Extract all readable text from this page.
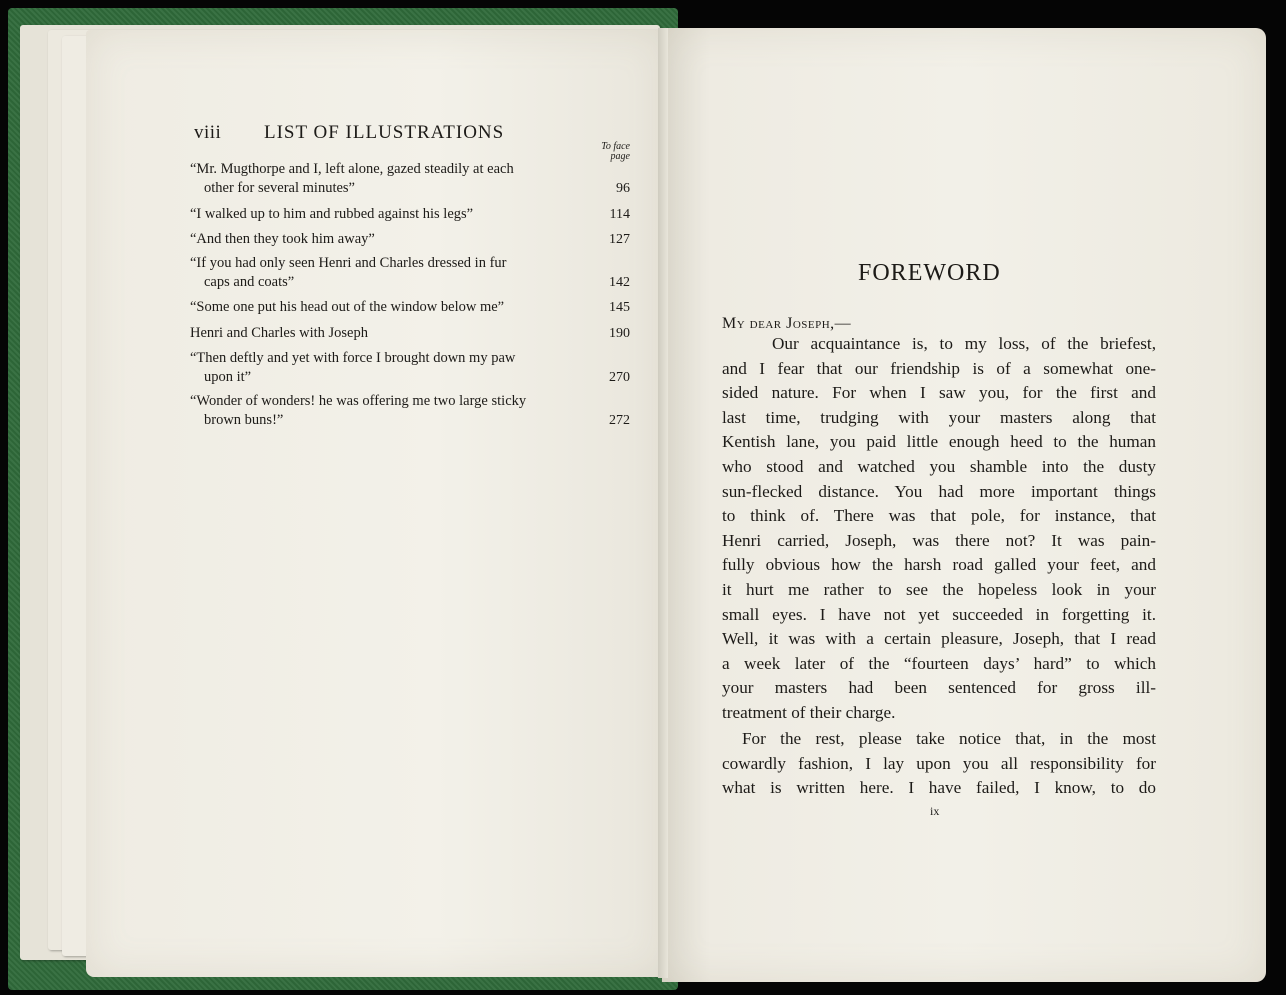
viii	LIST OF ILLUSTRATIONS
To face page
“Mr. Mugthorpe and I, left alone, gazed steadily at each
other for several minutes”	96
“I walked up to him and rubbed against his legs”	114
“And then they took him away”	127
“If you had only seen Henri and Charles dressed in fur
caps and coats”	142
“Some one put his head out of the window below me”	145
Henri and Charles with Joseph	190
“Then deftly and yet with force I brought down my paw
upon it”	270
“Wonder of wonders! he was offering me two large sticky
brown buns!”	272
FOREWORD
My dear Joseph,—
Our acquaintance is, to my loss, of the briefest,
and I fear that our friendship is of a somewhat one-
sided nature. For when I saw you, for the first and
last time, trudging with your masters along that
Kentish lane, you paid little enough heed to the human
who stood and watched you shamble into the dusty
sun-flecked distance. You had more important things
to think of. There was that pole, for instance, that
Henri carried, Joseph, was there not? It was pain-
fully obvious how the harsh road galled your feet, and
it hurt me rather to see the hopeless look in your
small eyes. I have not yet succeeded in forgetting it.
Well, it was with a certain pleasure, Joseph, that I read
a week later of the “fourteen days’ hard” to which
your masters had been sentenced for gross ill-
treatment of their charge.
For the rest, please take notice that, in the most
cowardly fashion, I lay upon you all responsibility for
what is written here. I have failed, I know, to do
ix
